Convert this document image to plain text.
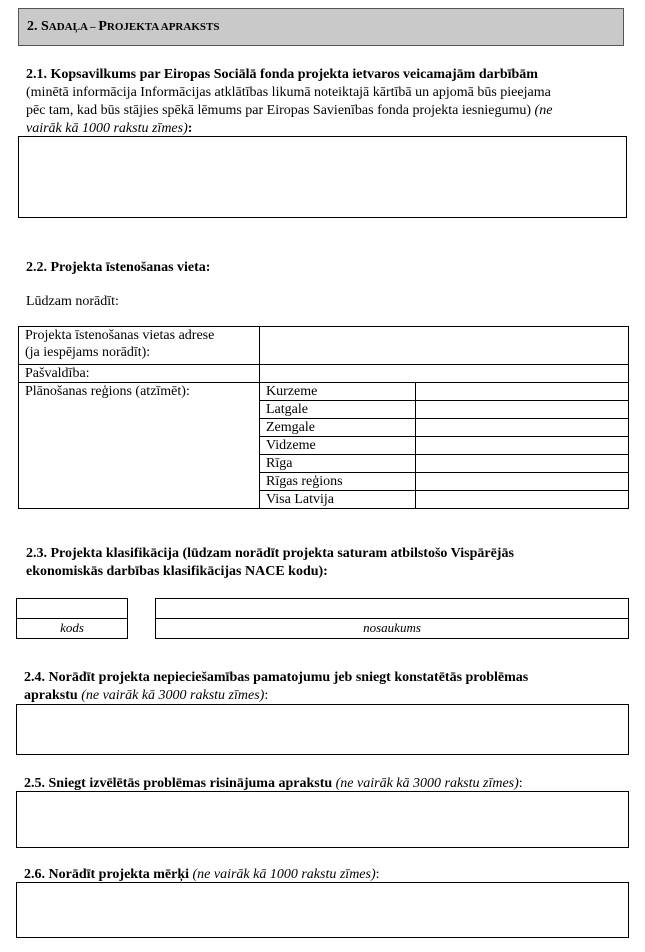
2. SADAĻA – PROJEKTA APRAKSTS
2.1. Kopsavilkums par Eiropas Sociālā fonda projekta ietvaros veicamajām darbībām
(minētā informācija Informācijas atklātības likumā noteiktajā kārtībā un apjomā būs pieejama
pēc tam, kad būs stājies spēkā lēmums par Eiropas Savienības fonda projekta iesniegumu) (ne
vairāk kā 1000 rakstu zīmes):
2.2. Projekta īstenošanas vieta:
Lūdzam norādīt:
Projekta īstenošanas vietas adrese
(ja iespējams norādīt):		

Pašvaldība:		
Plānošanas reģions (atzīmēt):	Kurzeme	
	Latgale	
	Zemgale	
	Vidzeme	
	Rīga	
	Rīgas reģions	
	Visa Latvija	
2.3. Projekta klasifikācija (lūdzam norādīt projekta saturam atbilstošo Vispārējās
ekonomiskās darbības klasifikācijas NACE kodu):
kods	nosaukums
2.4. Norādīt projekta nepieciešamības pamatojumu jeb sniegt konstatētās problēmas
aprakstu (ne vairāk kā 3000 rakstu zīmes):
2.5. Sniegt izvēlētās problēmas risinājuma aprakstu (ne vairāk kā 3000 rakstu zīmes):
2.6. Norādīt projekta mērķi (ne vairāk kā 1000 rakstu zīmes):
